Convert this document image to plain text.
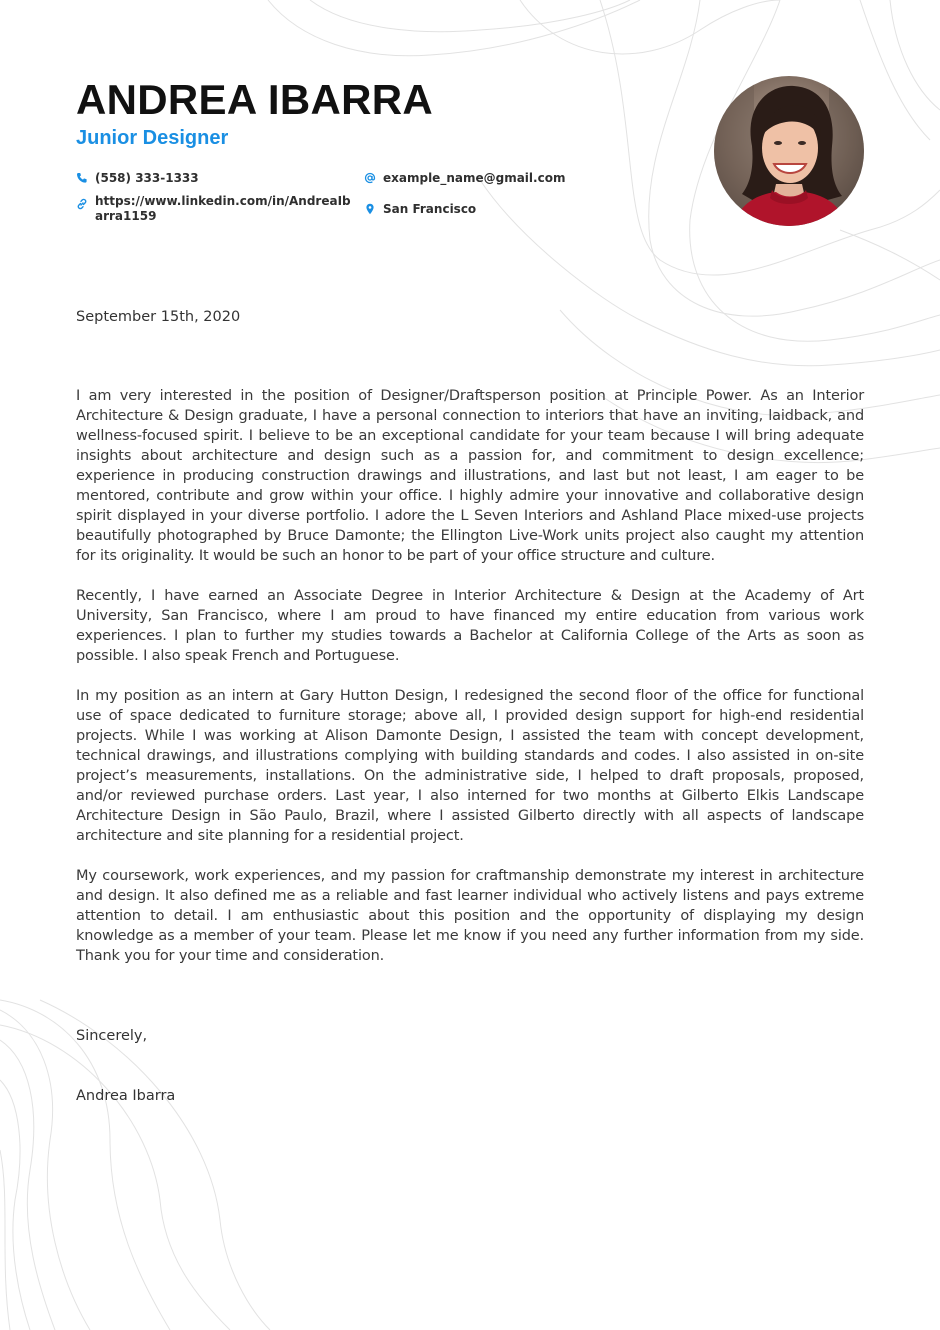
ANDREA IBARRA
Junior Designer
(558) 333-1333
https://www.linkedin.com/in/AndreaIbarra1159
example_name@gmail.com
San Francisco
September 15th, 2020

I am very interested in the position of Designer/Draftsperson position at Principle Power. As an Interior Architecture & Design graduate, I have a personal connection to interiors that have an inviting, laidback, and wellness-focused spirit. I believe to be an exceptional candidate for your team because I will bring adequate insights about architecture and design such as a passion for, and commitment to design excellence; experience in producing construction drawings and illustrations, and last but not least, I am eager to be mentored, contribute and grow within your office. I highly admire your innovative and collaborative design spirit displayed in your diverse portfolio. I adore the L Seven Interiors and Ashland Place mixed-use projects beautifully photographed by Bruce Damonte; the Ellington Live-Work units project also caught my attention for its originality. It would be such an honor to be part of your office structure and culture.

Recently, I have earned an Associate Degree in Interior Architecture & Design at the Academy of Art University, San Francisco, where I am proud to have financed my entire education from various work experiences. I plan to further my studies towards a Bachelor at California College of the Arts as soon as possible. I also speak French and Portuguese.

In my position as an intern at Gary Hutton Design, I redesigned the second floor of the office for functional use of space dedicated to furniture storage; above all, I provided design support for high-end residential projects. While I was working at Alison Damonte Design, I assisted the team with concept development, technical drawings, and illustrations complying with building standards and codes. I also assisted in on-site project’s measurements, installations. On the administrative side, I helped to draft proposals, proposed, and/or reviewed purchase orders. Last year, I also interned for two months at Gilberto Elkis Landscape Architecture Design in São Paulo, Brazil, where I assisted Gilberto directly with all aspects of landscape architecture and site planning for a residential project.

My coursework, work experiences, and my passion for craftmanship demonstrate my interest in architecture and design. It also defined me as a reliable and fast learner individual who actively listens and pays extreme attention to detail. I am enthusiastic about this position and the opportunity of displaying my design knowledge as a member of your team. Please let me know if you need any further information from my side. Thank you for your time and consideration.

Sincerely,
Andrea Ibarra
